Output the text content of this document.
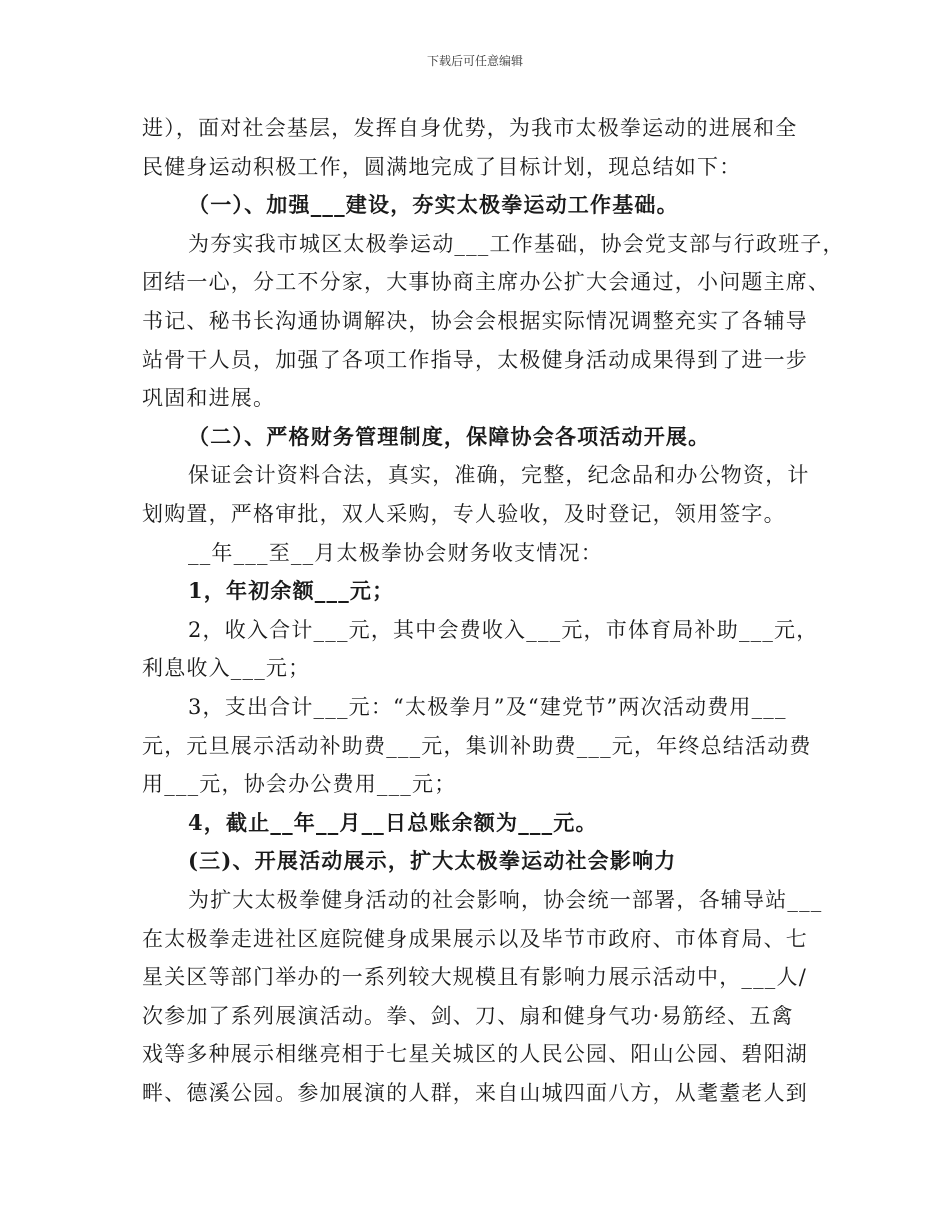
下载后可任意编辑
进），面对社会基层，发挥自身优势，为我市太极拳运动的进展和全
民健身运动积极工作，圆满地完成了目标计划，现总结如下：
（一）、加强___建设，夯实太极拳运动工作基础。
为夯实我市城区太极拳运动___工作基础，协会党支部与行政班子，
团结一心，分工不分家，大事协商主席办公扩大会通过，小问题主席、
书记、秘书长沟通协调解决，协会会根据实际情况调整充实了各辅导
站骨干人员，加强了各项工作指导，太极健身活动成果得到了进一步
巩固和进展。
（二）、严格财务管理制度，保障协会各项活动开展。
保证会计资料合法，真实，准确，完整，纪念品和办公物资，计
划购置，严格审批，双人采购，专人验收，及时登记，领用签字。
__年___至__月太极拳协会财务收支情况：
1，年初余额___元；
2，收入合计___元，其中会费收入___元，市体育局补助___元，
利息收入___元；
3，支出合计___元：“太极拳月”及“建党节”两次活动费用___
元，元旦展示活动补助费___元，集训补助费___元，年终总结活动费
用___元，协会办公费用___元；
4，截止__年__月__日总账余额为___元。
(三)、开展活动展示，扩大太极拳运动社会影响力
为扩大太极拳健身活动的社会影响，协会统一部署，各辅导站___
在太极拳走进社区庭院健身成果展示以及毕节市政府、市体育局、七
星关区等部门举办的一系列较大规模且有影响力展示活动中，___人/
次参加了系列展演活动。拳、剑、刀、扇和健身气功·易筋经、五禽
戏等多种展示相继亮相于七星关城区的人民公园、阳山公园、碧阳湖
畔、德溪公园。参加展演的人群，来自山城四面八方，从耄耋老人到
